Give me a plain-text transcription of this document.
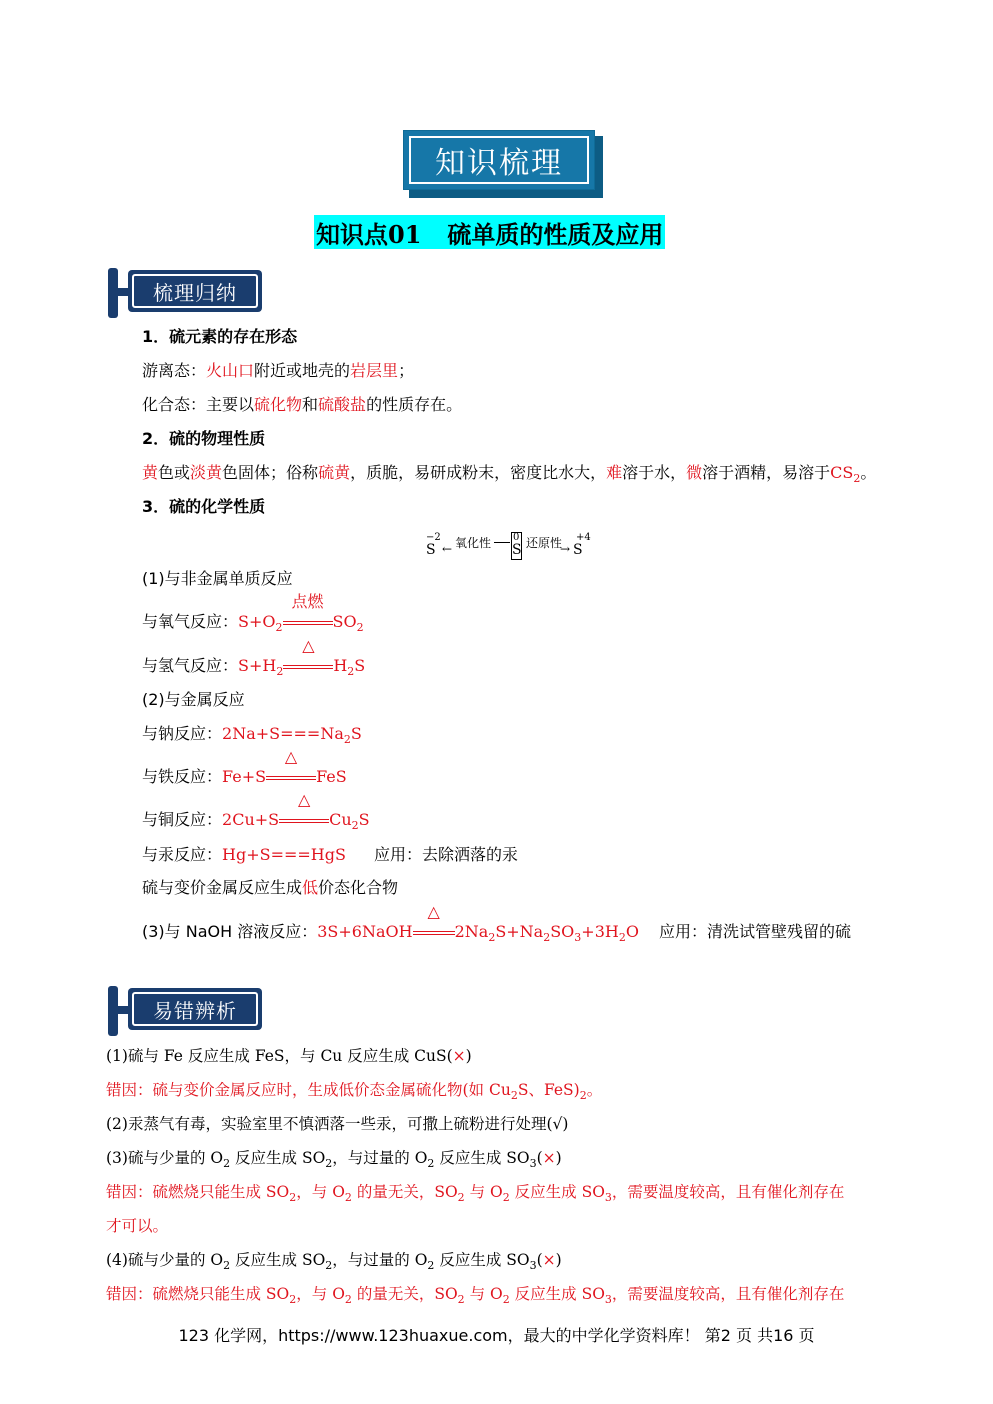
知识梳理
知识点01 硫单质的性质及应用
梳理归纳
1．硫元素的存在形态
游离态：火山口附近或地壳的岩层里；
化合态：主要以硫化物和硫酸盐的性质存在。
2．硫的物理性质
黄色或淡黄色固体；俗称硫黄，质脆，易研成粉末，密度比水大，难溶于水，微溶于酒精，易溶于$CS_2$。
3．硫的化学性质
−2
S ← 氧化性 0
S 还原性
→
+4
S
(1)与非金属单质反应
与氧气反应：$S+O_2$
点燃
$SO_2$
与氢气反应：$S+H_2$
△
$H_2S$
(2)与金属反应
与钠反应：$2Na+S===Na_2S$
与铁反应：Fe+S
△
FeS
与铜反应：2Cu+S
△
$Cu_2S$
与汞反应：Hg+S===HgS 应用：去除洒落的汞
硫与变价金属反应生成低价态化合物
(3)与 NaOH 溶液反应：3S+6NaOH
△
$2Na_2S+Na_2SO_3+3H_2O$ 应用：清洗试管壁残留的硫
易错辨析
(1)硫与 Fe 反应生成 FeS，与 Cu 反应生成 CuS(×)
错因：硫与变价金属反应时，生成低价态金属硫化物(如 $Cu_2S$、$FeS)_2$。
(2)汞蒸气有毒，实验室里不慎洒落一些汞，可撒上硫粉进行处理(√)
(3)硫与少量的 $O_2$ 反应生成 $SO_2$，与过量的 $O_2$ 反应生成 $SO_3(\times)$
错因：硫燃烧只能生成 $SO_2$，与 $O_2$ 的量无关，$SO_2$ 与 $O_2$ 反应生成 $SO_3$，需要温度较高，且有催化剂存在
才可以。
(4)硫与少量的 $O_2$ 反应生成 $SO_2$，与过量的 $O_2$ 反应生成 $SO_3(\times)$
错因：硫燃烧只能生成 $SO_2$，与 $O_2$ 的量无关，$SO_2$ 与 $O_2$ 反应生成 $SO_3$，需要温度较高，且有催化剂存在
123 化学网，https://www.123huaxue.com，最大的中学化学资料库！ 第2 页 共16 页
